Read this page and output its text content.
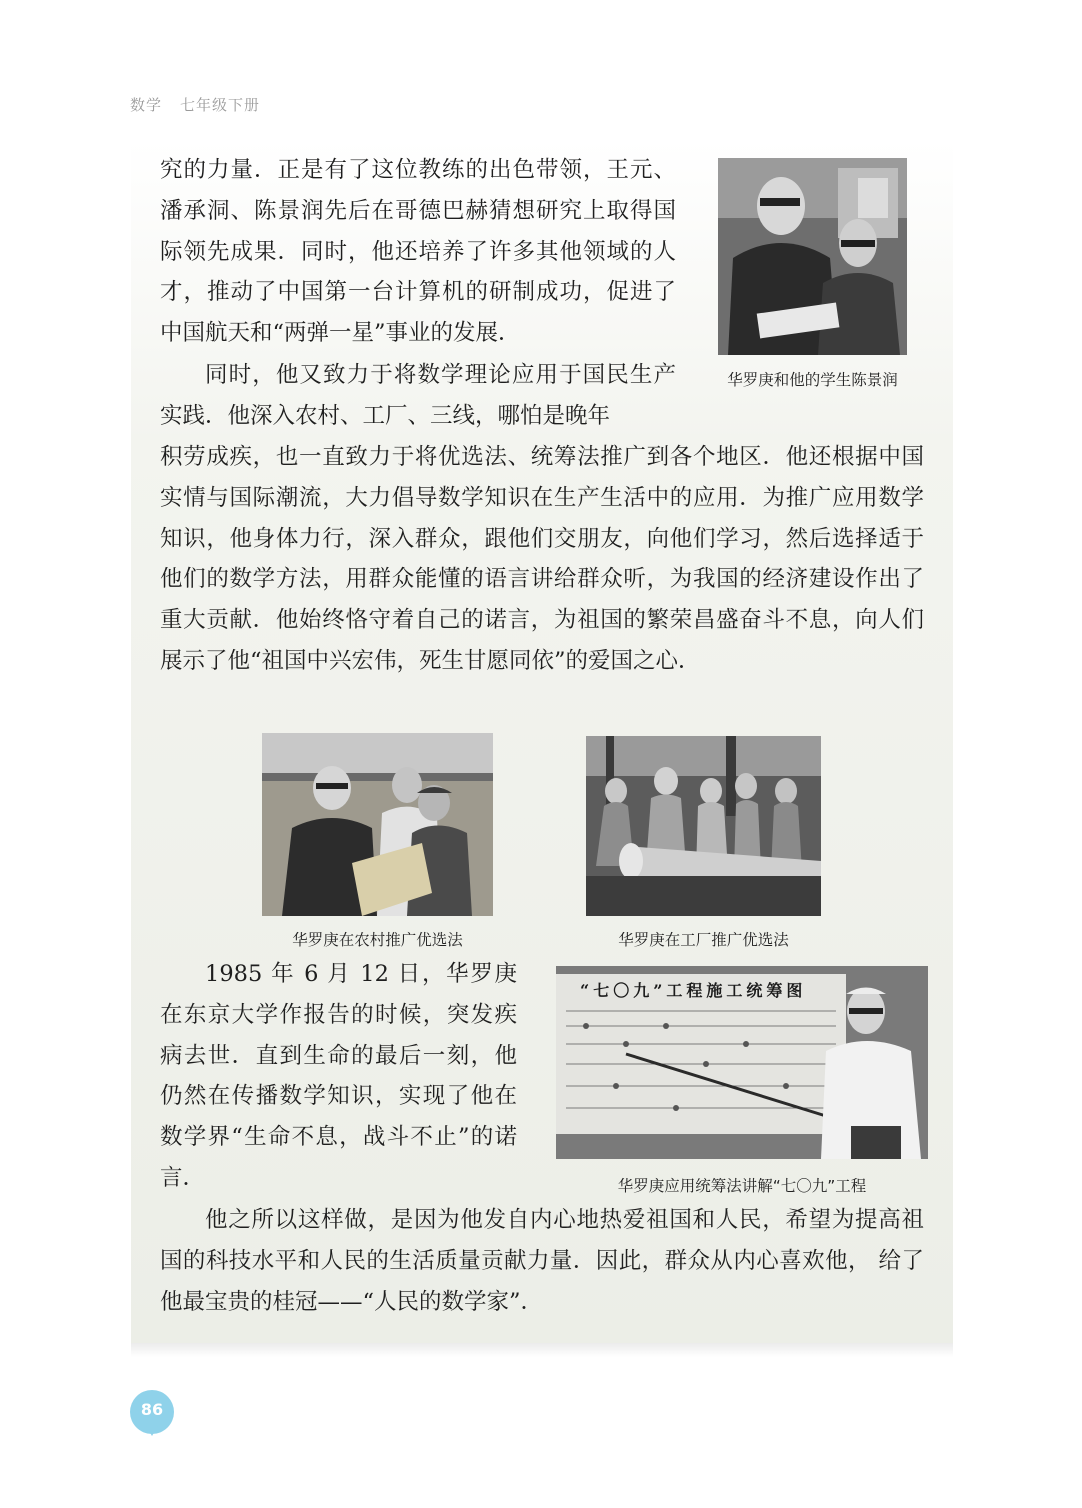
数学 七年级下册

究的力量．正是有了这位教练的出色带领，王元、潘承洞、陈景润先后在哥德巴赫猜想研究上取得国际领先成果．同时，他还培养了许多其他领域的人才，推动了中国第一台计算机的研制成功，促进了中国航天和“两弹一星”事业的发展．

同时，他又致力于将数学理论应用于国民生产实践．他深入农村、工厂、三线，哪怕是晚年

积劳成疾，也一直致力于将优选法、统筹法推广到各个地区．他还根据中国实情与国际潮流，大力倡导数学知识在生产生活中的应用．为推广应用数学知识，他身体力行，深入群众，跟他们交朋友，向他们学习，然后选择适于他们的数学方法，用群众能懂的语言讲给群众听，为我国的经济建设作出了重大贡献．他始终恪守着自己的诺言，为祖国的繁荣昌盛奋斗不息，向人们展示了他“祖国中兴宏伟，死生甘愿同依”的爱国之心．

华罗庚和他的学生陈景润
华罗庚在农村推广优选法	华罗庚在工厂推广优选法

1985 年 6 月 12 日，华罗庚在东京大学作报告的时候，突发疾病去世．直到生命的最后一刻，他仍然在传播数学知识，实现了他在数学界“生命不息，战斗不止”的诺言．

“七〇九”工程施工统筹图
华罗庚应用统筹法讲解“七〇九”工程

他之所以这样做，是因为他发自内心地热爱祖国和人民，希望为提高祖国的科技水平和人民的生活质量贡献力量．因此，群众从内心喜欢他， 给了他最宝贵的桂冠——“人民的数学家”．

86
